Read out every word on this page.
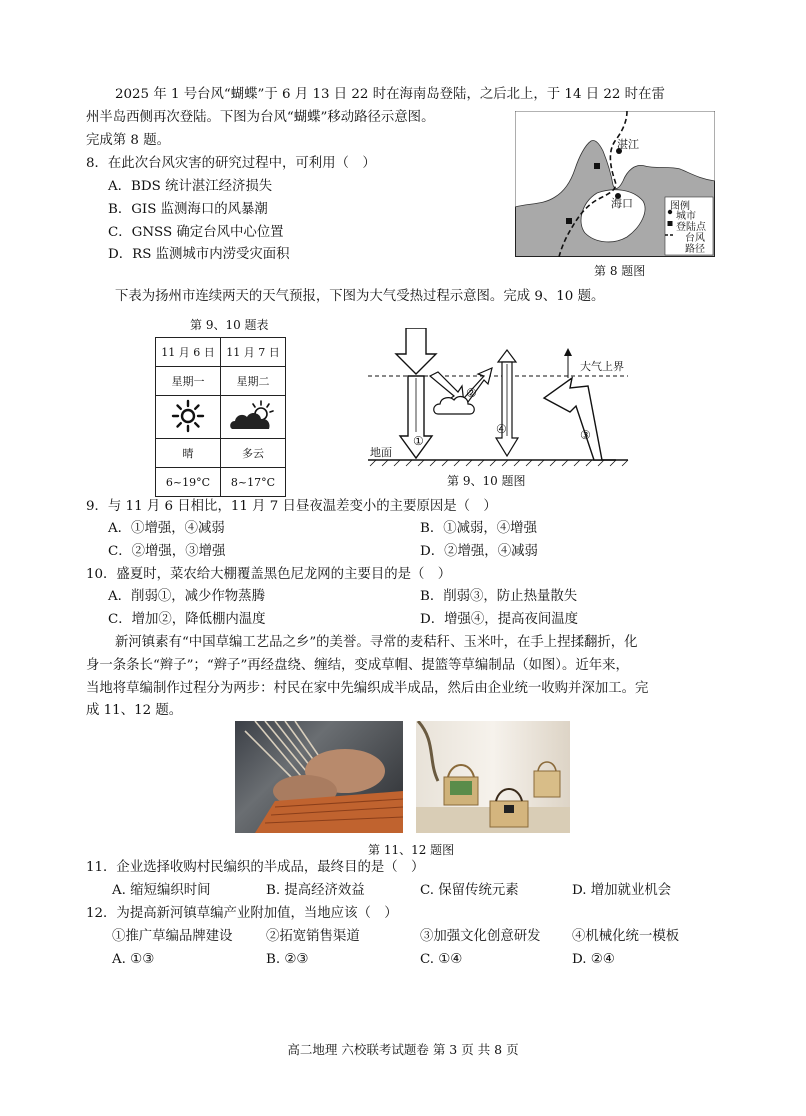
2025 年 1 号台风“蝴蝶”于 6 月 13 日 22 时在海南岛登陆，之后北上，于 14 日 22 时在雷
州半岛西侧再次登陆。下图为台风“蝴蝶”移动路径示意图。
完成第 8 题。
8．在此次台风灾害的研究过程中，可利用（　）
A．BDS 统计湛江经济损失
B．GIS 监测海口的风暴潮
C．GNSS 确定台风中心位置
D．RS 监测城市内涝受灾面积
湛江
海口	图例
城市
登陆点
台风
路径
第 8 题图
下表为扬州市连续两天的天气预报，下图为大气受热过程示意图。完成 9、10 题。
第 9、10 题表
11 月 6 日	11 月 7 日
星期一	星期二

晴	多云
6~19°C	8~17°C
①
②
③
④
大气上界
地面
第 9、10 题图
9．与 11 月 6 日相比，11 月 7 日昼夜温差变小的主要原因是（　）
A．①增强，④减弱	B．①减弱，④增强
C．②增强，③增强	D．②增强，④减弱
10．盛夏时，菜农给大棚覆盖黑色尼龙网的主要目的是（　）
A．削弱①，减少作物蒸腾	B．削弱③，防止热量散失
C．增加②，降低棚内温度	D．增强④，提高夜间温度
新河镇素有“中国草编工艺品之乡”的美誉。寻常的麦秸秆、玉米叶，在手上捏揉翻折，化
身一条条长“辫子”；“辫子”再经盘绕、缠结，变成草帽、提篮等草编制品（如图）。近年来，
当地将草编制作过程分为两步：村民在家中先编织成半成品，然后由企业统一收购并深加工。完
成 11、12 题。
第 11、12 题图
11．企业选择收购村民编织的半成品，最终目的是（　）
A. 缩短编织时间	B. 提高经济效益	C. 保留传统元素	D. 增加就业机会
12．为提高新河镇草编产业附加值，当地应该（　）
①推广草编品牌建设 ②拓宽销售渠道	③加强文化创意研发 ④机械化统一模板
A. ①③	B. ②③	C. ①④	D. ②④
高二地理 六校联考试题卷 第 3 页 共 8 页
